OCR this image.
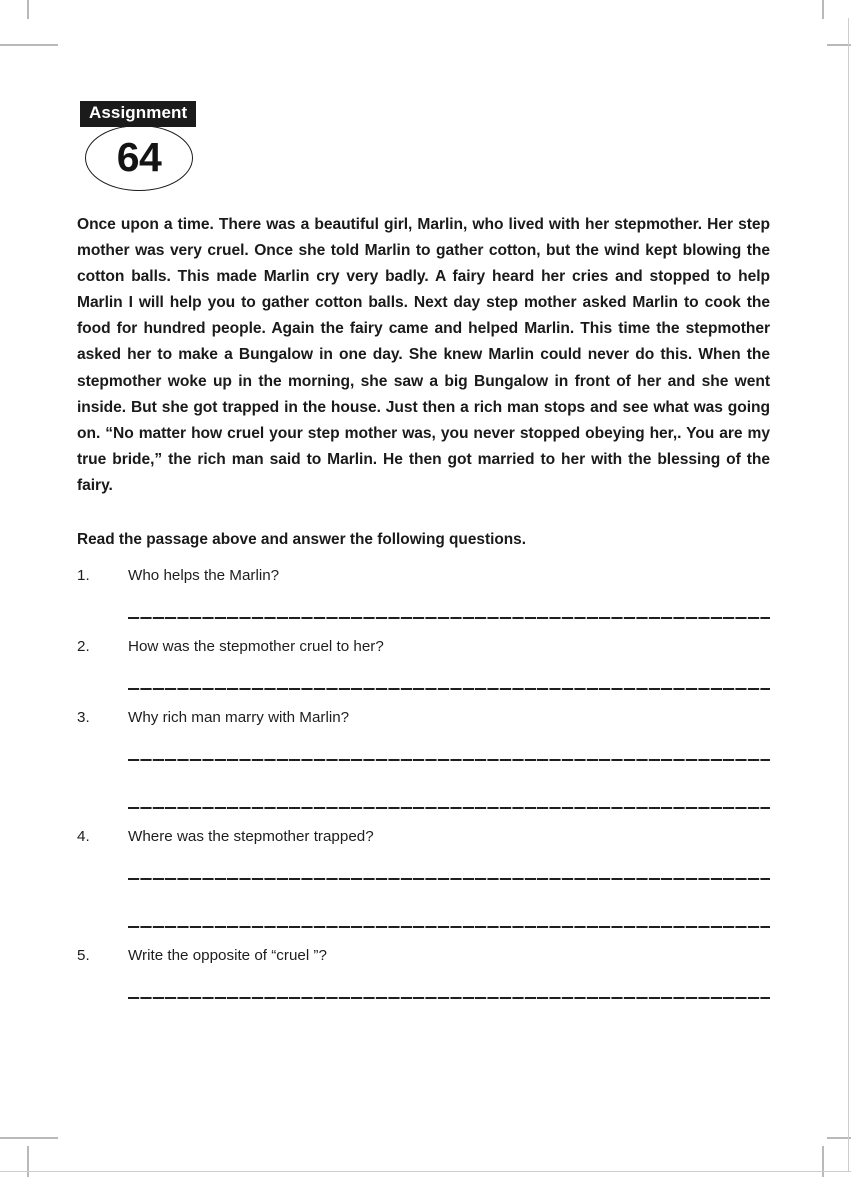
64
Assignment

Once upon a time. There was a beautiful girl, Marlin, who lived with her stepmother. Her step mother was very cruel. Once she told Marlin to gather cotton, but the wind kept blowing the cotton balls. This made Marlin cry very badly. A fairy heard her cries and stopped to help Marlin I will help you to gather cotton balls. Next day step mother asked Marlin to cook the food for hundred people. Again the fairy came and helped Marlin. This time the stepmother asked her to make a Bungalow in one day. She knew Marlin could never do this. When the stepmother woke up in the morning, she saw a big Bungalow in front of her and she went inside. But she got trapped in the house. Just then a rich man stops and see what was going on. “No matter how cruel your step mother was, you never stopped obeying her,. You are my true bride,” the rich man said to Marlin. He then got married to her with the blessing of the fairy.

Read the passage above and answer the following questions.

1.	Who helps the Marlin?
2.	How was the stepmother cruel to her?
3.	Why rich man marry with Marlin?
4.	Where was the stepmother trapped?
5.	Write the opposite of “cruel ”?
